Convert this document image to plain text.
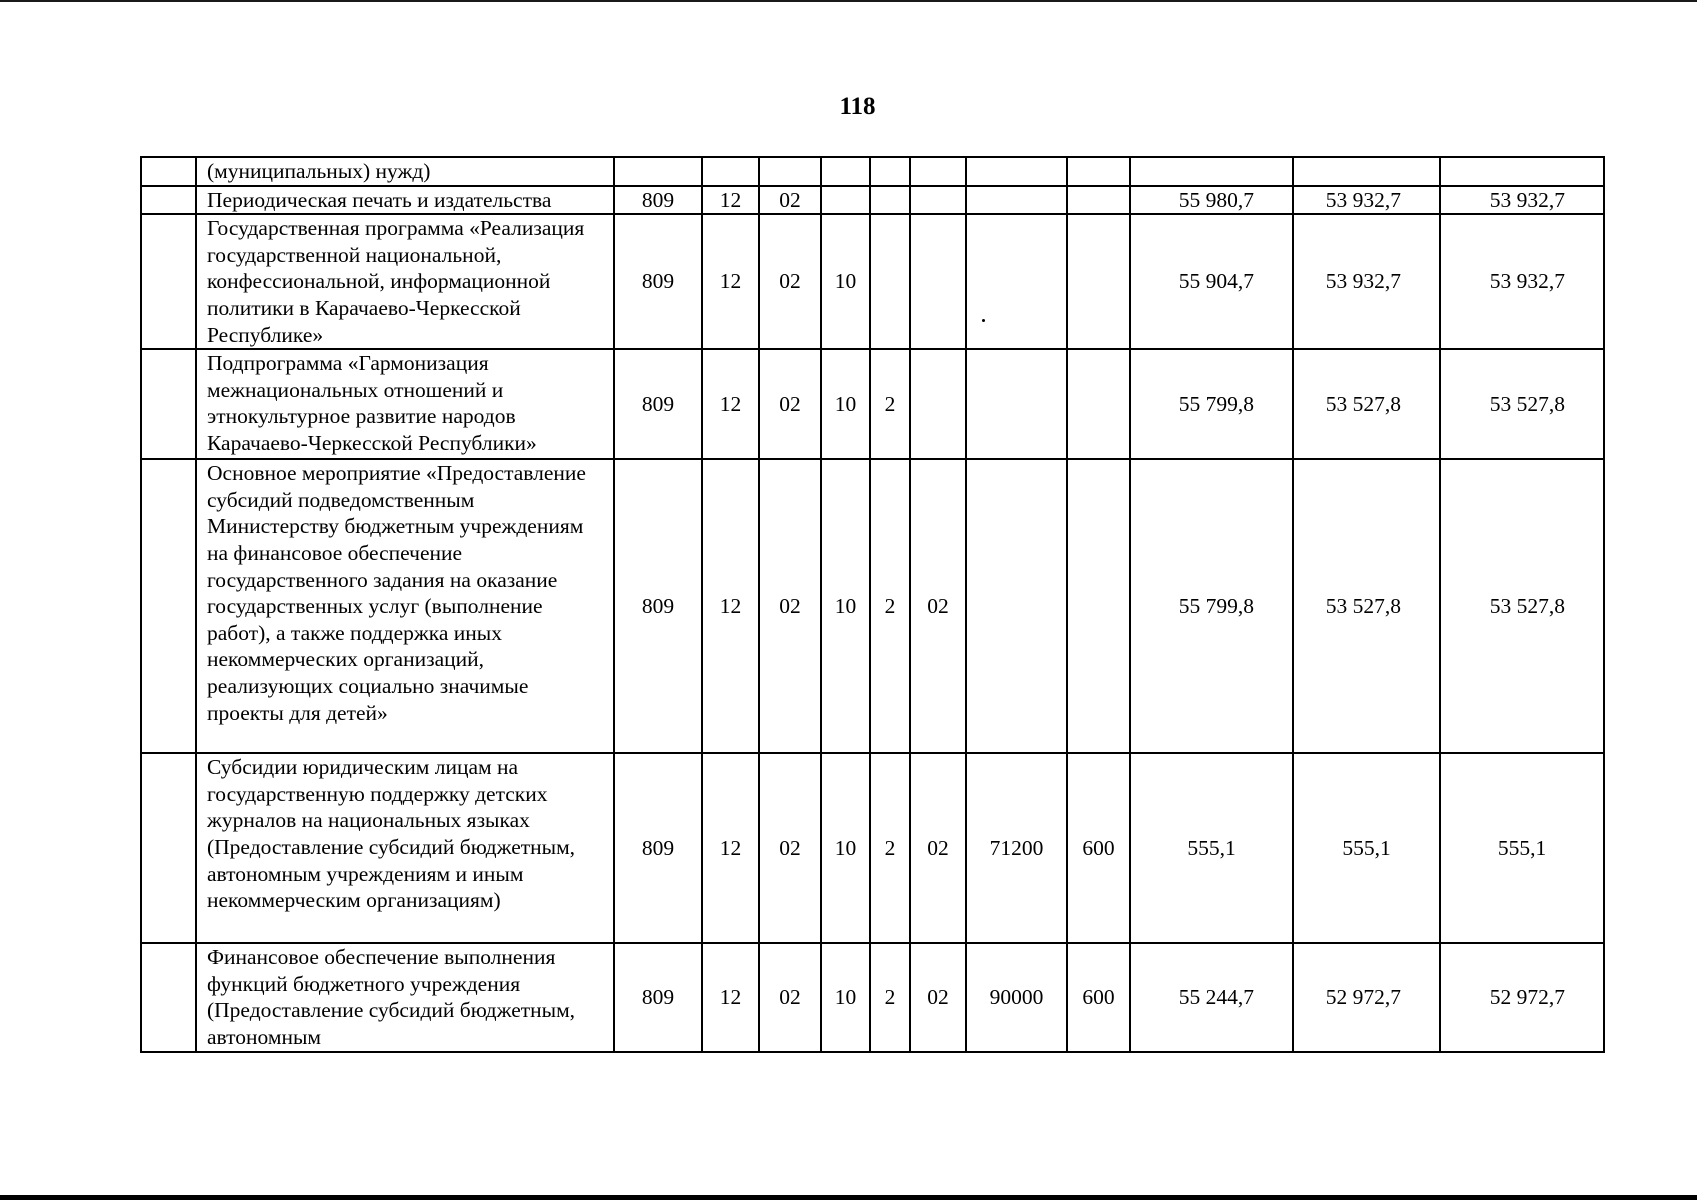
118
	(муниципальных) нужд)											
	Периодическая печать и издательства	809	12	02						55 980,7	53 932,7	53 932,7
	Государственная программа «Реализация государственной национальной, конфессиональной, информационной политики в Карачаево-Черкесской Республике»	809	12	02	10					55 904,7	53 932,7	53 932,7
	Подпрограмма «Гармонизация межнациональных отношений и этнокультурное развитие народов Карачаево-Черкесской Республики»	809	12	02	10	2				55 799,8	53 527,8	53 527,8
	Основное мероприятие «Предоставление субсидий подведомственным Министерству бюджетным учреждениям на финансовое обеспечение государственного задания на оказание государственных услуг (выполнение работ), а также поддержка иных некоммерческих организаций, реализующих социально значимые проекты для детей»	809	12	02	10	2	02			55 799,8	53 527,8	53 527,8
	Субсидии юридическим лицам на государственную поддержку детских журналов на национальных языках (Предоставление субсидий бюджетным, автономным учреждениям и иным некоммерческим организациям)	809	12	02	10	2	02	71200	600	555,1	555,1	555,1
	Финансовое обеспечение выполнения функций бюджетного учреждения (Предоставление субсидий бюджетным, автономным	809	12	02	10	2	02	90000	600	55 244,7	52 972,7	52 972,7
